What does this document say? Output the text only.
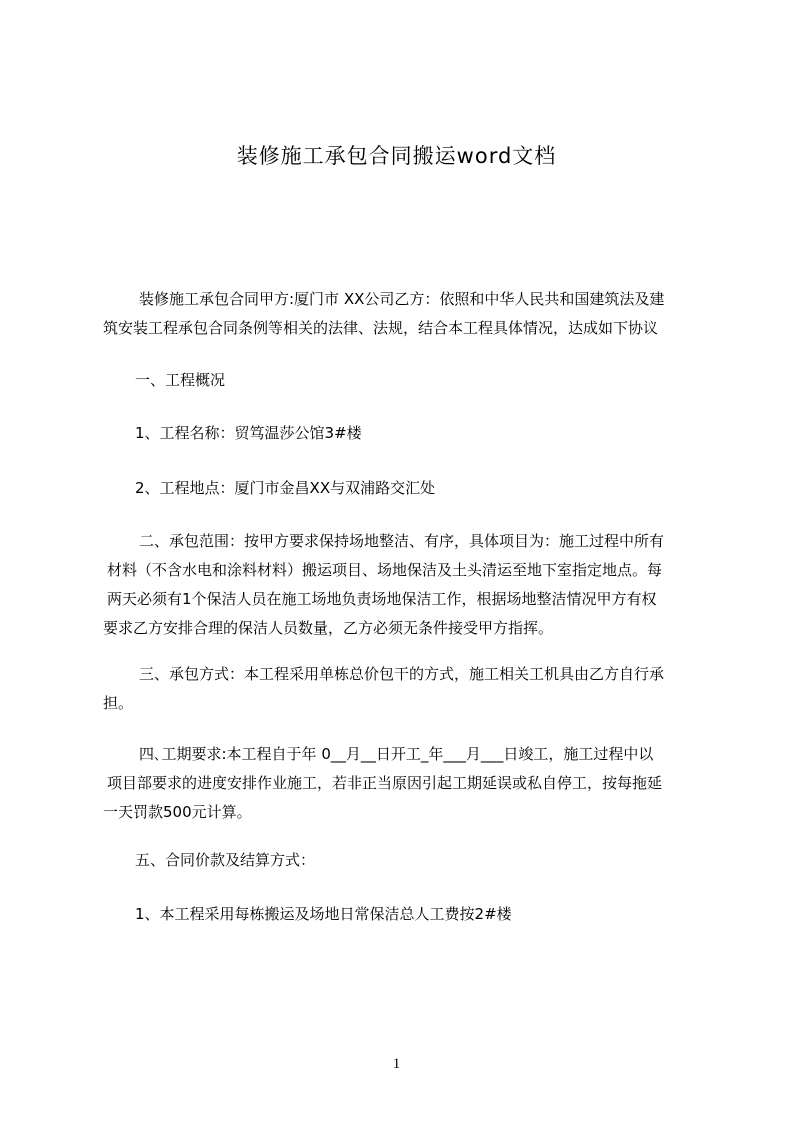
装修施工承包合同搬运word文档
装修施工承包合同甲方:厦门市 XX公司乙方：依照和中华人民共和国建筑法及建
筑安装工程承包合同条例等相关的法律、法规，结合本工程具体情况，达成如下协议
一、工程概况
1、工程名称：贸笃温莎公馆3#楼
2、工程地点：厦门市金昌XX与双浦路交汇处
二、承包范围：按甲方要求保持场地整洁、有序，具体项目为：施工过程中所有
材料（不含水电和涂料材料）搬运项目、场地保洁及土头清运至地下室指定地点。每
两天必须有1个保洁人员在施工场地负责场地保洁工作，根据场地整洁情况甲方有权
要求乙方安排合理的保洁人员数量，乙方必须无条件接受甲方指挥。
三、承包方式：本工程采用单栋总价包干的方式，施工相关工机具由乙方自行承
担。
四､工期要求:本工程自于年 0__月__日开工_年___月___日竣工，施工过程中以
项目部要求的进度安排作业施工，若非正当原因引起工期延误或私自停工，按每拖延
一天罚款500元计算。
五、合同价款及结算方式：
1、本工程采用每栋搬运及场地日常保洁总人工费按2#楼
1
